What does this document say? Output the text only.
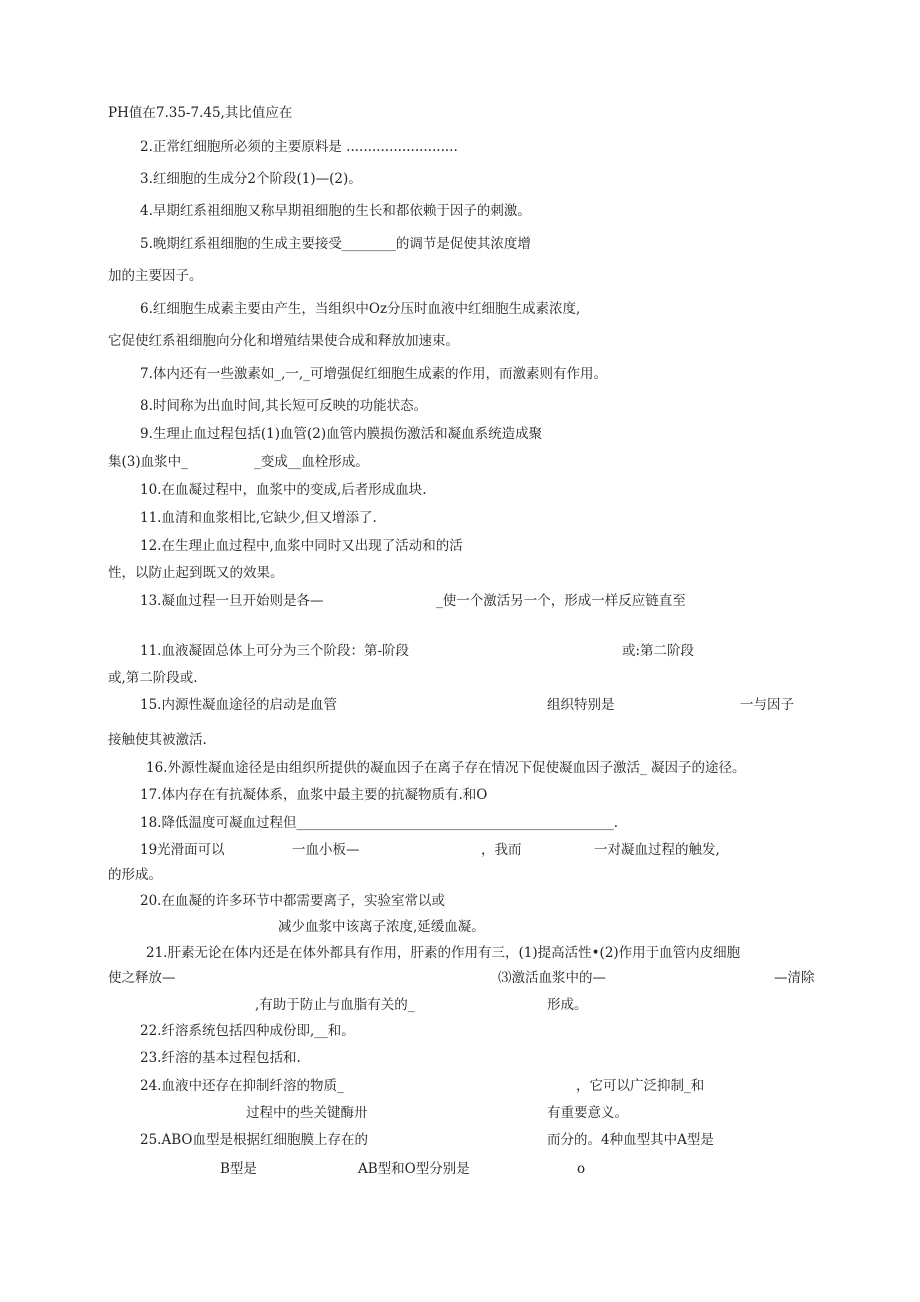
PH值在7.35-7.45,其比值应在
2.正常红细胞所必须的主要原料是 ..........................
3.红细胞的生成分2个阶段(1)—(2)。
4.早期红系祖细胞又称早期祖细胞的生长和都依赖于因子的刺激。
5.晚期红系祖细胞的生成主要接受________的调节是促使其浓度增
加的主要因子。
6.红细胞生成素主要由产生，当组织中Oz分压时血液中红细胞生成素浓度,
它促使红系祖细胞向分化和增殖结果使合成和释放加速束。
7.体内还有一些激素如_,一,_可增强促红细胞生成素的作用，而激素则有作用。
8.时间称为出血时间,其长短可反映的功能状态。
9.生理止血过程包括(1)血管(2)血管内膜损伤激活和凝血系统造成聚
集(3)血浆中_	_变成__血栓形成。
10.在血凝过程中，血浆中的变成,后者形成血块.
11.血清和血浆相比,它缺少,但又增添了.
12.在生理止血过程中,血浆中同时又出现了活动和的活
性，以防止起到既又的效果。
13.凝血过程一旦开始则是各—	_使一个激活另一个，形成一样反应链直至
11.血液凝固总体上可分为三个阶段：第-阶段	或:第二阶段
或,第二阶段或.
15.内源性凝血途径的启动是血管	组织特别是	一与因子
接触使其被激活.
16.外源性凝血途径是由组织所提供的凝血因子在离子存在情况下促使凝血因子激活_ 凝因子的途径。
17.体内存在有抗凝体系，血浆中最主要的抗凝物质有.和O
18.降低温度可凝血过程但_______________________________________________.
19光滑面可以	一血小板—	，我而	一对凝血过程的触发,
的形成。
20.在血凝的许多环节中都需要离子，实验室常以或
减少血浆中该离子浓度,延缓血凝。
21.肝素无论在体内还是在体外都具有作用，肝素的作用有三，(1)提高活性•(2)作用于血管内皮细胞
使之释放—	⑶激活血浆中的—	—清除
,有助于防止与血脂有关的_	形成。
22.纤溶系统包括四种成份即,__和。
23.纤溶的基本过程包括和.
24.血液中还存在抑制纤溶的物质_	，它可以广泛抑制_和
过程中的些关键酶卅	有重要意义。
25.ABO血型是根据红细胞膜上存在的	而分的。4种血型其中A型是
B型是	AB型和O型分别是	o
